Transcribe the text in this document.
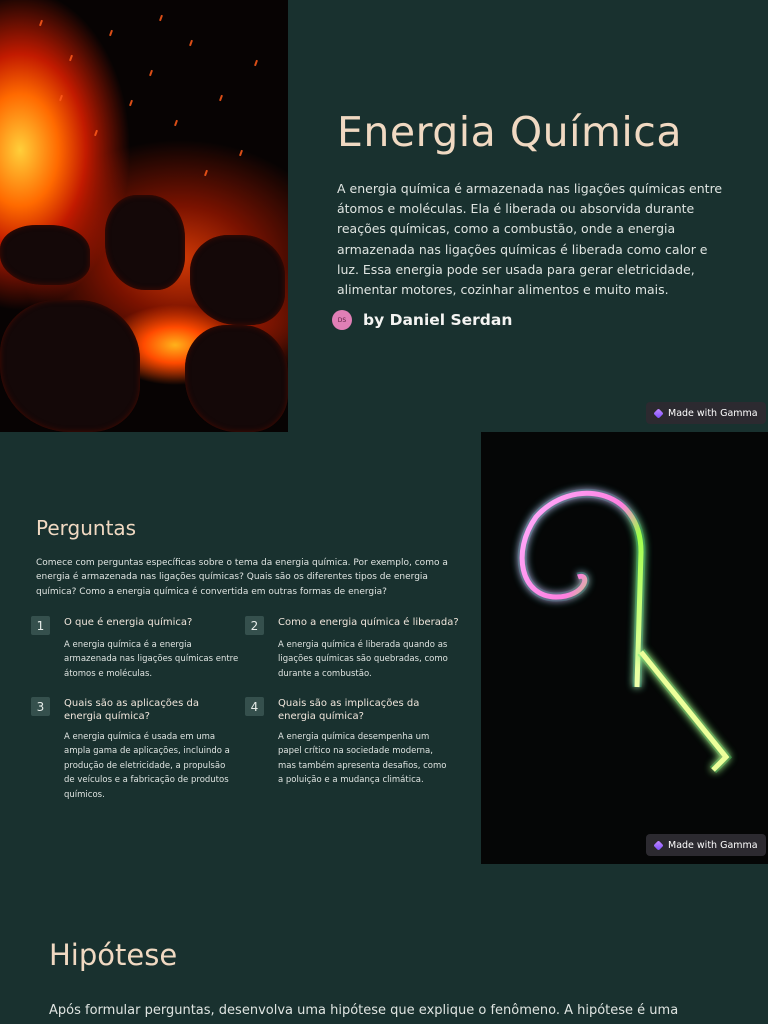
Energia Química

A energia química é armazenada nas ligações químicas entre átomos e moléculas. Ela é liberada ou absorvida durante reações químicas, como a combustão, onde a energia armazenada nas ligações químicas é liberada como calor e luz. Essa energia pode ser usada para gerar eletricidade, alimentar motores, cozinhar alimentos e muito mais.

DS	by Daniel Serdan
Made with Gamma
Perguntas

Comece com perguntas específicas sobre o tema da energia química. Por exemplo, como a energia é armazenada nas ligações químicas? Quais são os diferentes tipos de energia química? Como a energia química é convertida em outras formas de energia?

1	O que é energia química?
A energia química é a energia armazenada nas ligações químicas entre átomos e moléculas.
2	Como a energia química é liberada?
A energia química é liberada quando as ligações químicas são quebradas, como durante a combustão.
3	Quais são as aplicações da energia química?
A energia química é usada em uma ampla gama de aplicações, incluindo a produção de eletricidade, a propulsão de veículos e a fabricação de produtos químicos.
4	Quais são as implicações da energia química?
A energia química desempenha um papel crítico na sociedade moderna, mas também apresenta desafios, como a poluição e a mudança climática.
Made with Gamma
Hipótese

Após formular perguntas, desenvolva uma hipótese que explique o fenômeno. A hipótese é uma
